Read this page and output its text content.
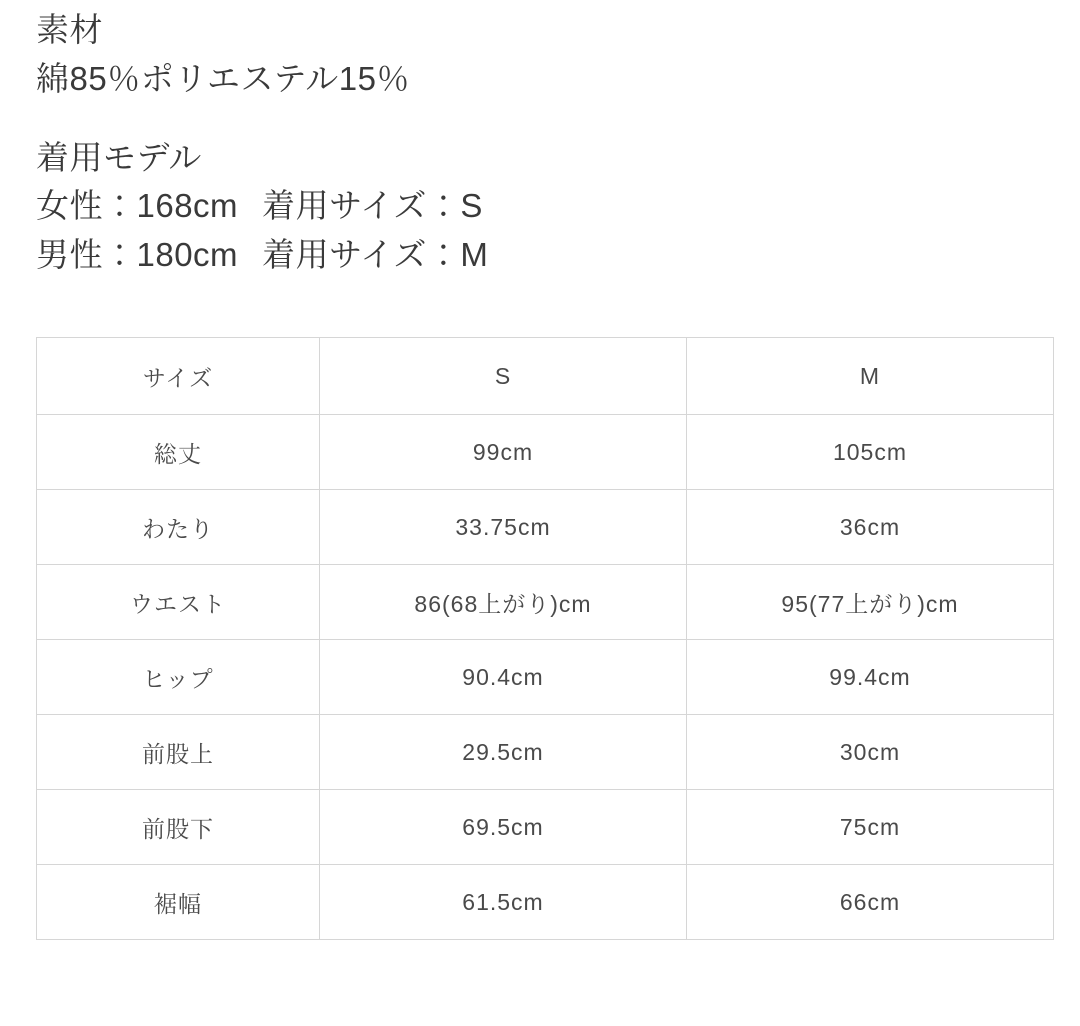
素材
綿85％ポリエステル15％
着用モデル
女性：168cm 着用サイズ：S
男性：180cm 着用サイズ：M
サイズ	S	M
総丈	99cm	105cm
わたり	33.75cm	36cm
ウエスト	86(68上がり)cm	95(77上がり)cm
ヒップ	90.4cm	99.4cm
前股上	29.5cm	30cm
前股下	69.5cm	75cm
裾幅	61.5cm	66cm
